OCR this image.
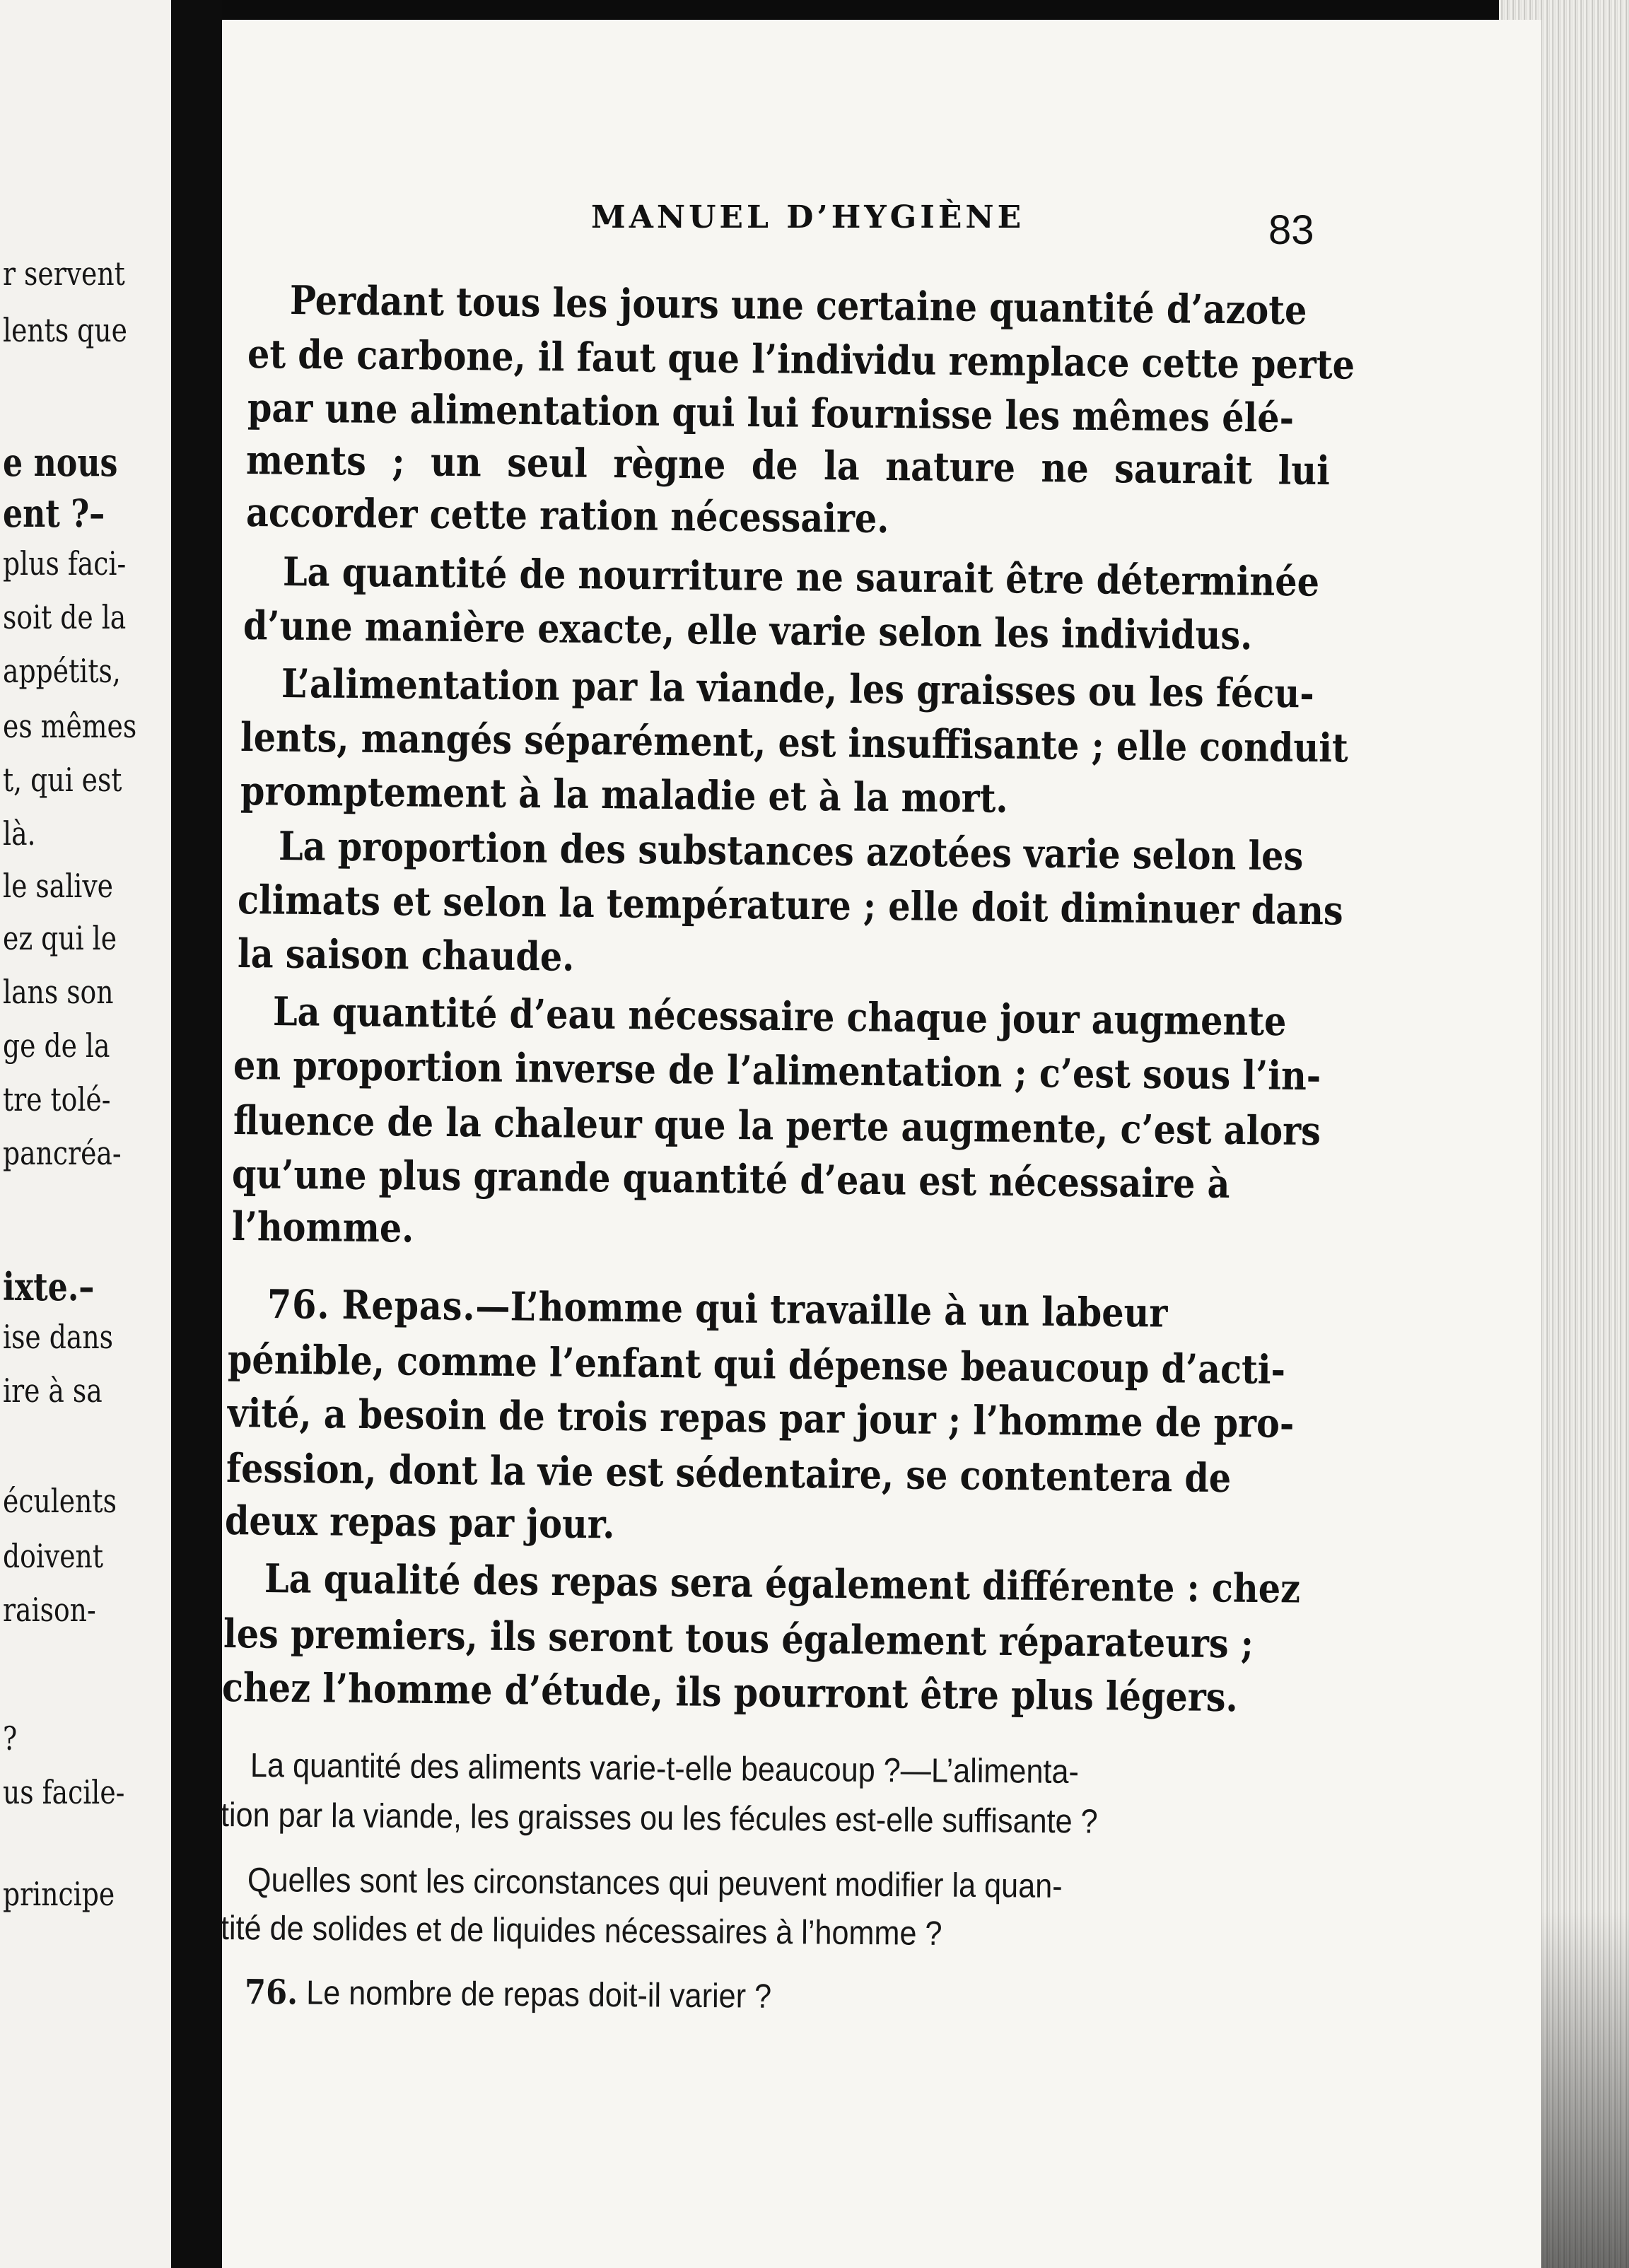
r servent
lents que
e nous
ent ?–
plus faci-
soit de la
appétits,
es mêmes
t, qui est
là.
le salive
ez qui le
lans son
ge de la
tre tolé-
pancréa-
ixte.–
ise dans
ire à sa
éculents
doivent
raison-
?
us facile-
principe
MANUEL D’HYGIÈNE	83
Perdant tous les jours une certaine quantité d’azote
et de carbone, il faut que l’individu remplace cette perte
par une alimentation qui lui fournisse les mêmes élé-
ments ; un seul règne de la nature ne saurait lui
accorder cette ration nécessaire.
La quantité de nourriture ne saurait être déterminée
d’une manière exacte, elle varie selon les individus.
L’alimentation par la viande, les graisses ou les fécu-
lents, mangés séparément, est insuffisante ; elle conduit
promptement à la maladie et à la mort.
La proportion des substances azotées varie selon les
climats et selon la température ; elle doit diminuer dans
la saison chaude.
La quantité d’eau nécessaire chaque jour augmente
en proportion inverse de l’alimentation ; c’est sous l’in-
fluence de la chaleur que la perte augmente, c’est alors
qu’une plus grande quantité d’eau est nécessaire à
l’homme.
76. Repas.—L’homme qui travaille à un labeur
pénible, comme l’enfant qui dépense beaucoup d’acti-
vité, a besoin de trois repas par jour ; l’homme de pro-
fession, dont la vie est sédentaire, se contentera de
deux repas par jour.
La qualité des repas sera également différente : chez
les premiers, ils seront tous également réparateurs ;
chez l’homme d’étude, ils pourront être plus légers.
La quantité des aliments varie-t-elle beaucoup ?—L’alimenta-
tion par la viande, les graisses ou les fécules est-elle suffisante ?
Quelles sont les circonstances qui peuvent modifier la quan-
tité de solides et de liquides nécessaires à l’homme ?
76. Le nombre de repas doit-il varier ?
